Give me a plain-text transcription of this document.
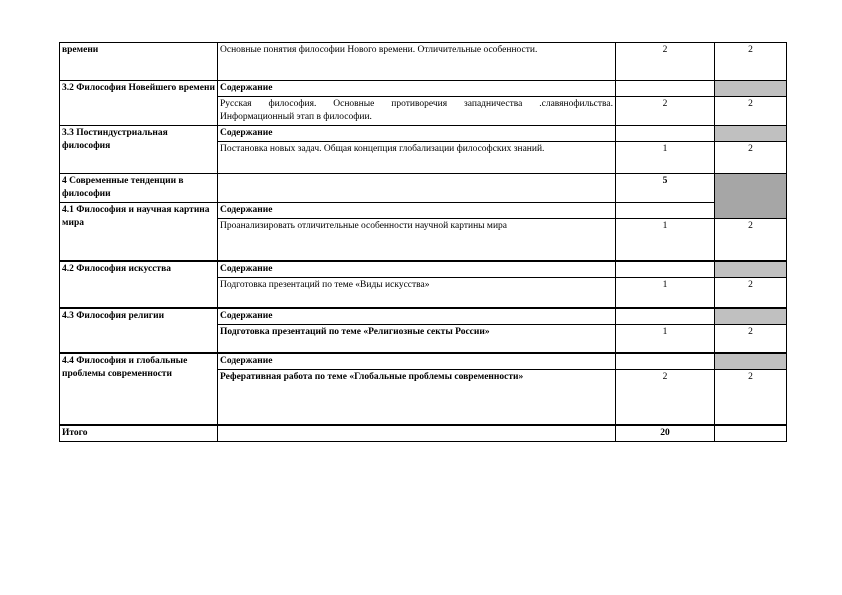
времени	Основные понятия философии Нового времени. Отличительные особенности.	2	2
3.2 Философия Новейшего времени	Содержание		
	Русская философия. Основные противоречия западничества .славянофильства. Информационный этап в философии.	2	2
3.3 Постиндустриальная философия	Содержание		
	Постановка новых задач. Общая концепция глобализации философских знаний.	1	2
4 Современные тенденции в философии		5	
4.1 Философия и научная картина мира	Содержание		
	Проанализировать отличительные особенности научной картины мира	1	2
4.2 Философия искусства	Содержание		
	Подготовка презентаций по теме «Виды искусства»	1	2
4.3 Философия религии	Содержание		
	Подготовка презентаций по теме «Религиозные секты России»	1	2
4.4 Философия и глобальные проблемы современности	Содержание		
	Реферативная работа по теме «Глобальные проблемы современности»	2	2
Итого		20	
